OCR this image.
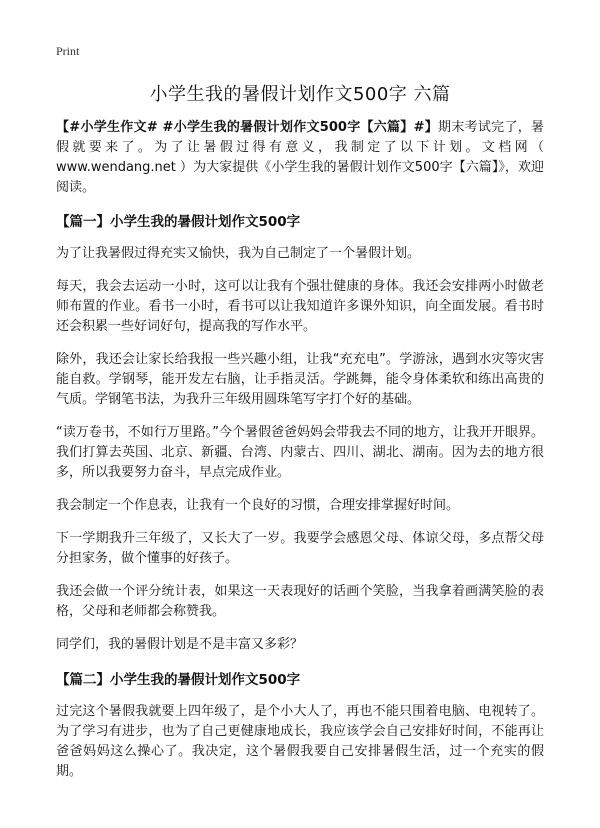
Print
小学生我的暑假计划作文500字 六篇

【#小学生作文# #小学生我的暑假计划作文500字【六篇】#】期末考试完了，暑假就要来了。为了让暑假过得有意义，我制定了以下计划。文档网（ www.wendang.net ）为大家提供《小学生我的暑假计划作文500字【六篇】》，欢迎阅读。

【篇一】小学生我的暑假计划作文500字

为了让我暑假过得充实又愉快，我为自己制定了一个暑假计划。

每天，我会去运动一小时，这可以让我有个强壮健康的身体。我还会安排两小时做老师布置的作业。看书一小时，看书可以让我知道许多课外知识，向全面发展。看书时还会积累一些好词好句，提高我的写作水平。

除外，我还会让家长给我报一些兴趣小组，让我“充充电”。学游泳，遇到水灾等灾害能自救。学钢琴，能开发左右脑，让手指灵活。学跳舞，能令身体柔软和练出高贵的气质。学钢笔书法，为我升三年级用圆珠笔写字打个好的基础。

“读万卷书，不如行万里路。”今个暑假爸爸妈妈会带我去不同的地方，让我开开眼界。我们打算去英国、北京、新疆、台湾、内蒙古、四川、湖北、湖南。因为去的地方很多，所以我要努力奋斗，早点完成作业。

我会制定一个作息表，让我有一个良好的习惯，合理安排掌握好时间。

下一学期我升三年级了，又长大了一岁。我要学会感恩父母、体谅父母，多点帮父母分担家务，做个懂事的好孩子。

我还会做一个评分统计表，如果这一天表现好的话画个笑脸，当我拿着画满笑脸的表格，父母和老师都会称赞我。

同学们，我的暑假计划是不是丰富又多彩？

【篇二】小学生我的暑假计划作文500字

过完这个暑假我就要上四年级了，是个小大人了，再也不能只围着电脑、电视转了。为了学习有进步，也为了自己更健康地成长，我应该学会自己安排好时间，不能再让爸爸妈妈这么操心了。我决定，这个暑假我要自己安排暑假生活，过一个充实的假期。
